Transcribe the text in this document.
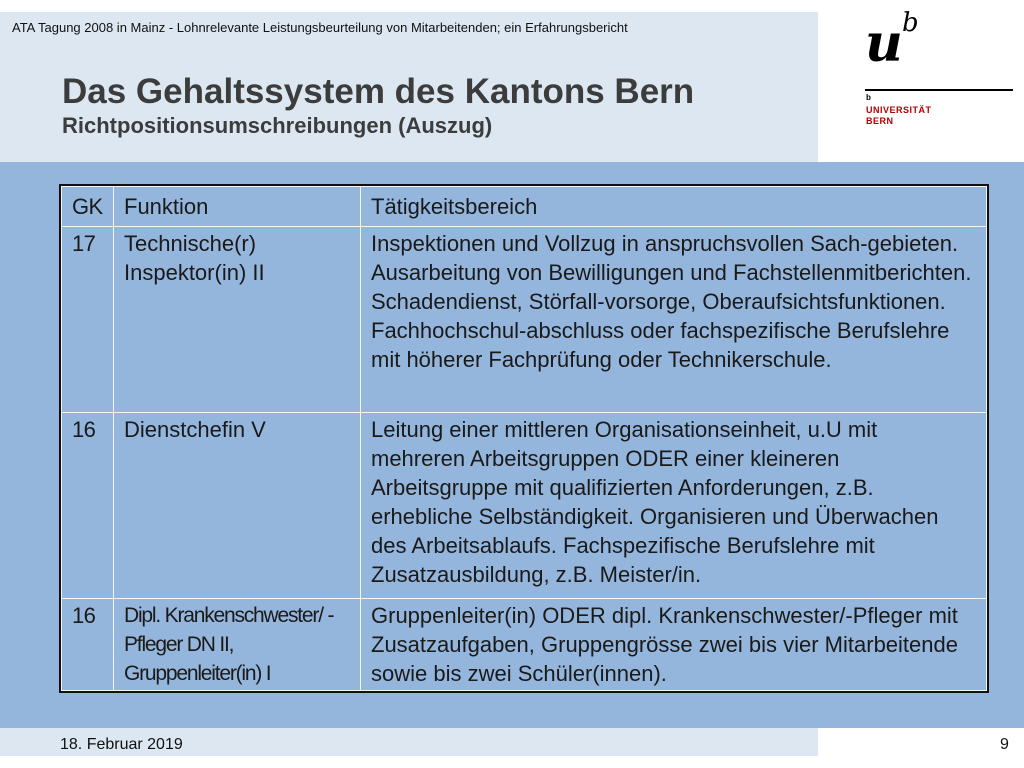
ATA Tagung 2008 in Mainz - Lohnrelevante Leistungsbeurteilung von Mitarbeitenden; ein Erfahrungsbericht
Das Gehaltssystem des Kantons Bern
Richtpositionsumschreibungen (Auszug)
u b
b
UNIVERSITÄT
BERN
GK	Funktion	Tätigkeitsbereich
17	Technische(r) Inspektor(in) II	Inspektionen und Vollzug in anspruchsvollen Sach-gebieten. Ausarbeitung von Bewilligungen und Fachstellenmitberichten. Schadendienst, Störfall-vorsorge, Oberaufsichtsfunktionen. Fachhochschul-abschluss oder fachspezifische Berufslehre mit höherer Fachprüfung oder Technikerschule.
16	Dienstchefin V	Leitung einer mittleren Organisationseinheit, u.U mit mehreren Arbeitsgruppen ODER einer kleineren Arbeitsgruppe mit qualifizierten Anforderungen, z.B. erhebliche Selbständigkeit. Organisieren und Überwachen des Arbeitsablaufs. Fachspezifische Berufslehre mit Zusatzausbildung, z.B. Meister/in.
16	Dipl. Krankenschwester/ -Pfleger DN II, Gruppenleiter(in) I	Gruppenleiter(in) ODER dipl. Krankenschwester/-Pfleger mit Zusatzaufgaben, Gruppengrösse zwei bis vier Mitarbeitende sowie bis zwei Schüler(innen).
18. Februar 2019	9
